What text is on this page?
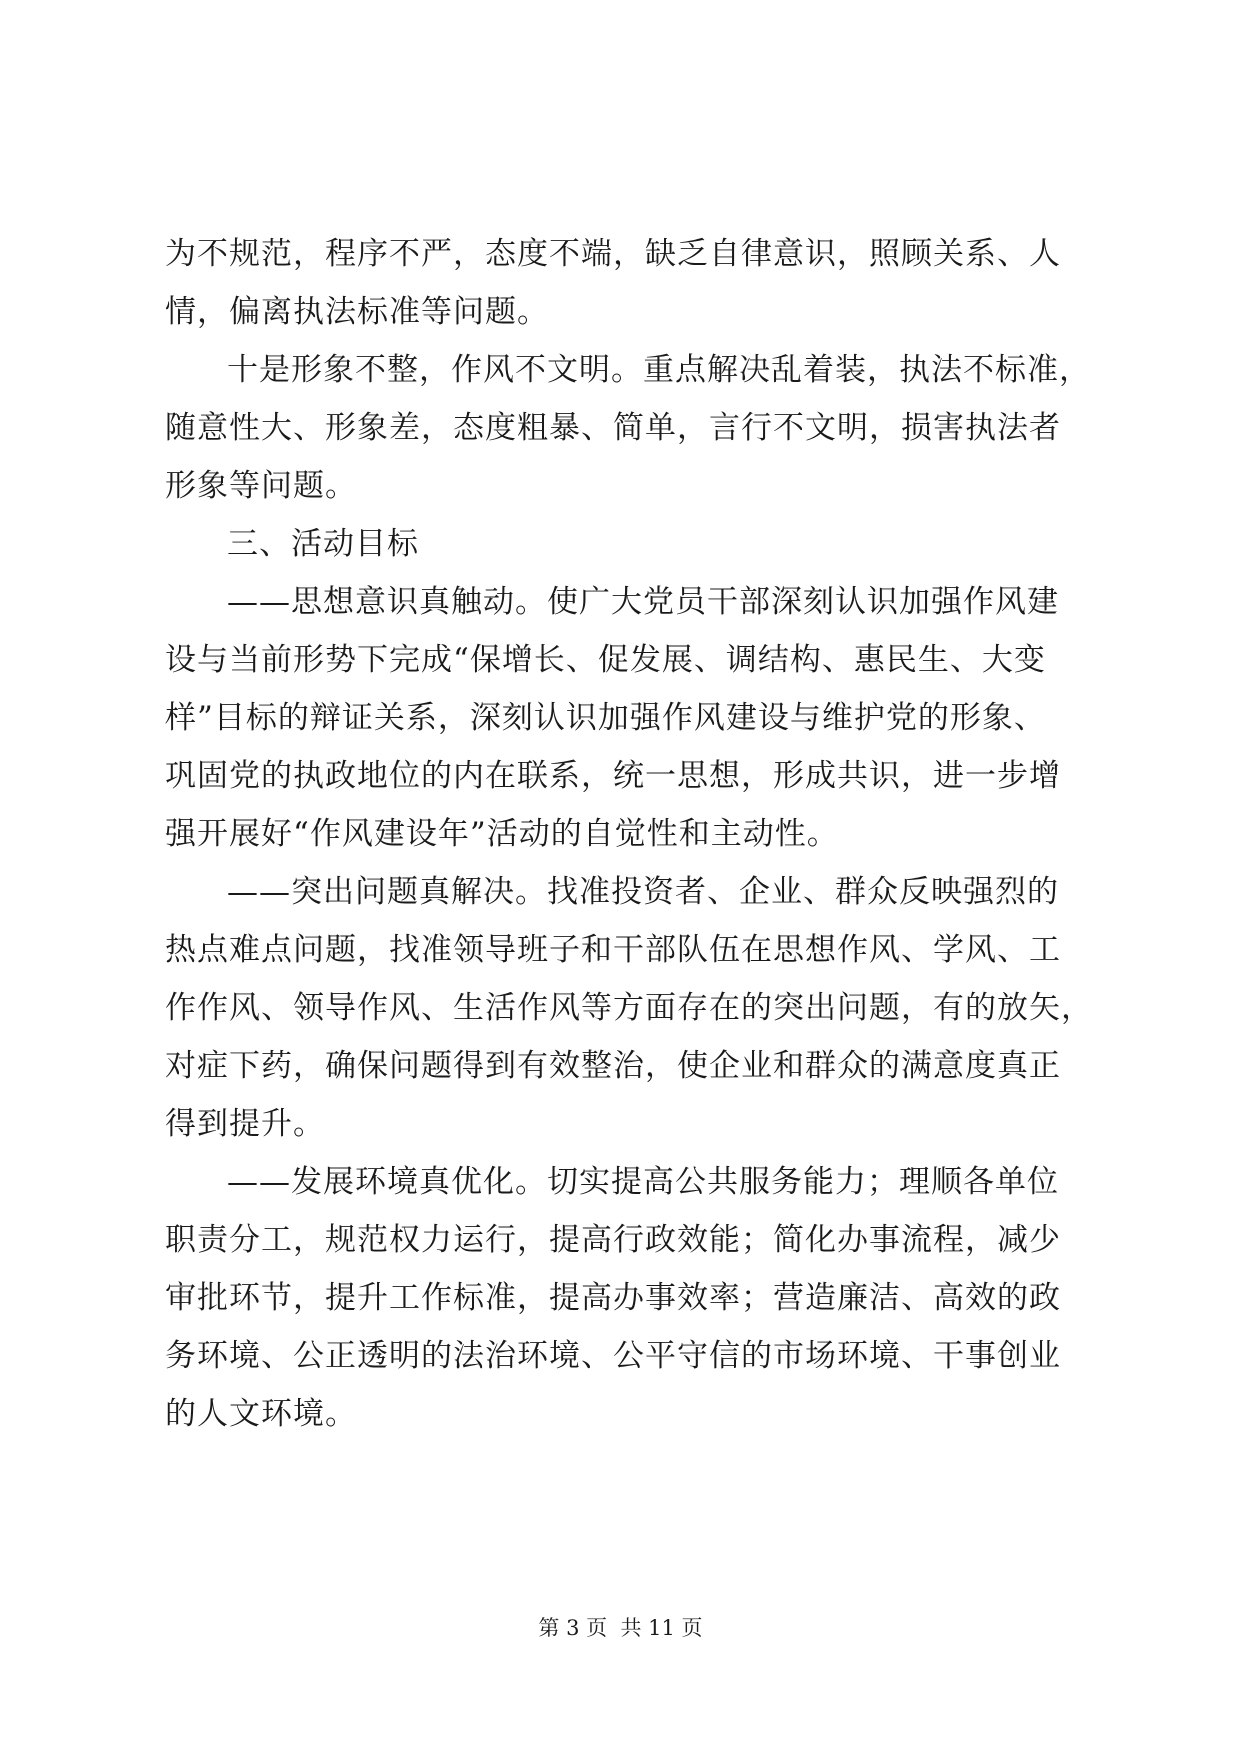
为不规范，程序不严，态度不端，缺乏自律意识，照顾关系、人
情，偏离执法标准等问题。
十是形象不整，作风不文明。重点解决乱着装，执法不标准，
随意性大、形象差，态度粗暴、简单，言行不文明，损害执法者
形象等问题。
三、活动目标
——思想意识真触动。使广大党员干部深刻认识加强作风建
设与当前形势下完成“保增长、促发展、调结构、惠民生、大变
样”目标的辩证关系，深刻认识加强作风建设与维护党的形象、
巩固党的执政地位的内在联系，统一思想，形成共识，进一步增
强开展好“作风建设年”活动的自觉性和主动性。
——突出问题真解决。找准投资者、企业、群众反映强烈的
热点难点问题，找准领导班子和干部队伍在思想作风、学风、工
作作风、领导作风、生活作风等方面存在的突出问题，有的放矢，
对症下药，确保问题得到有效整治，使企业和群众的满意度真正
得到提升。
——发展环境真优化。切实提高公共服务能力；理顺各单位
职责分工，规范权力运行，提高行政效能；简化办事流程，减少
审批环节，提升工作标准，提高办事效率；营造廉洁、高效的政
务环境、公正透明的法治环境、公平守信的市场环境、干事创业
的人文环境。
第 3 页  共 11 页
